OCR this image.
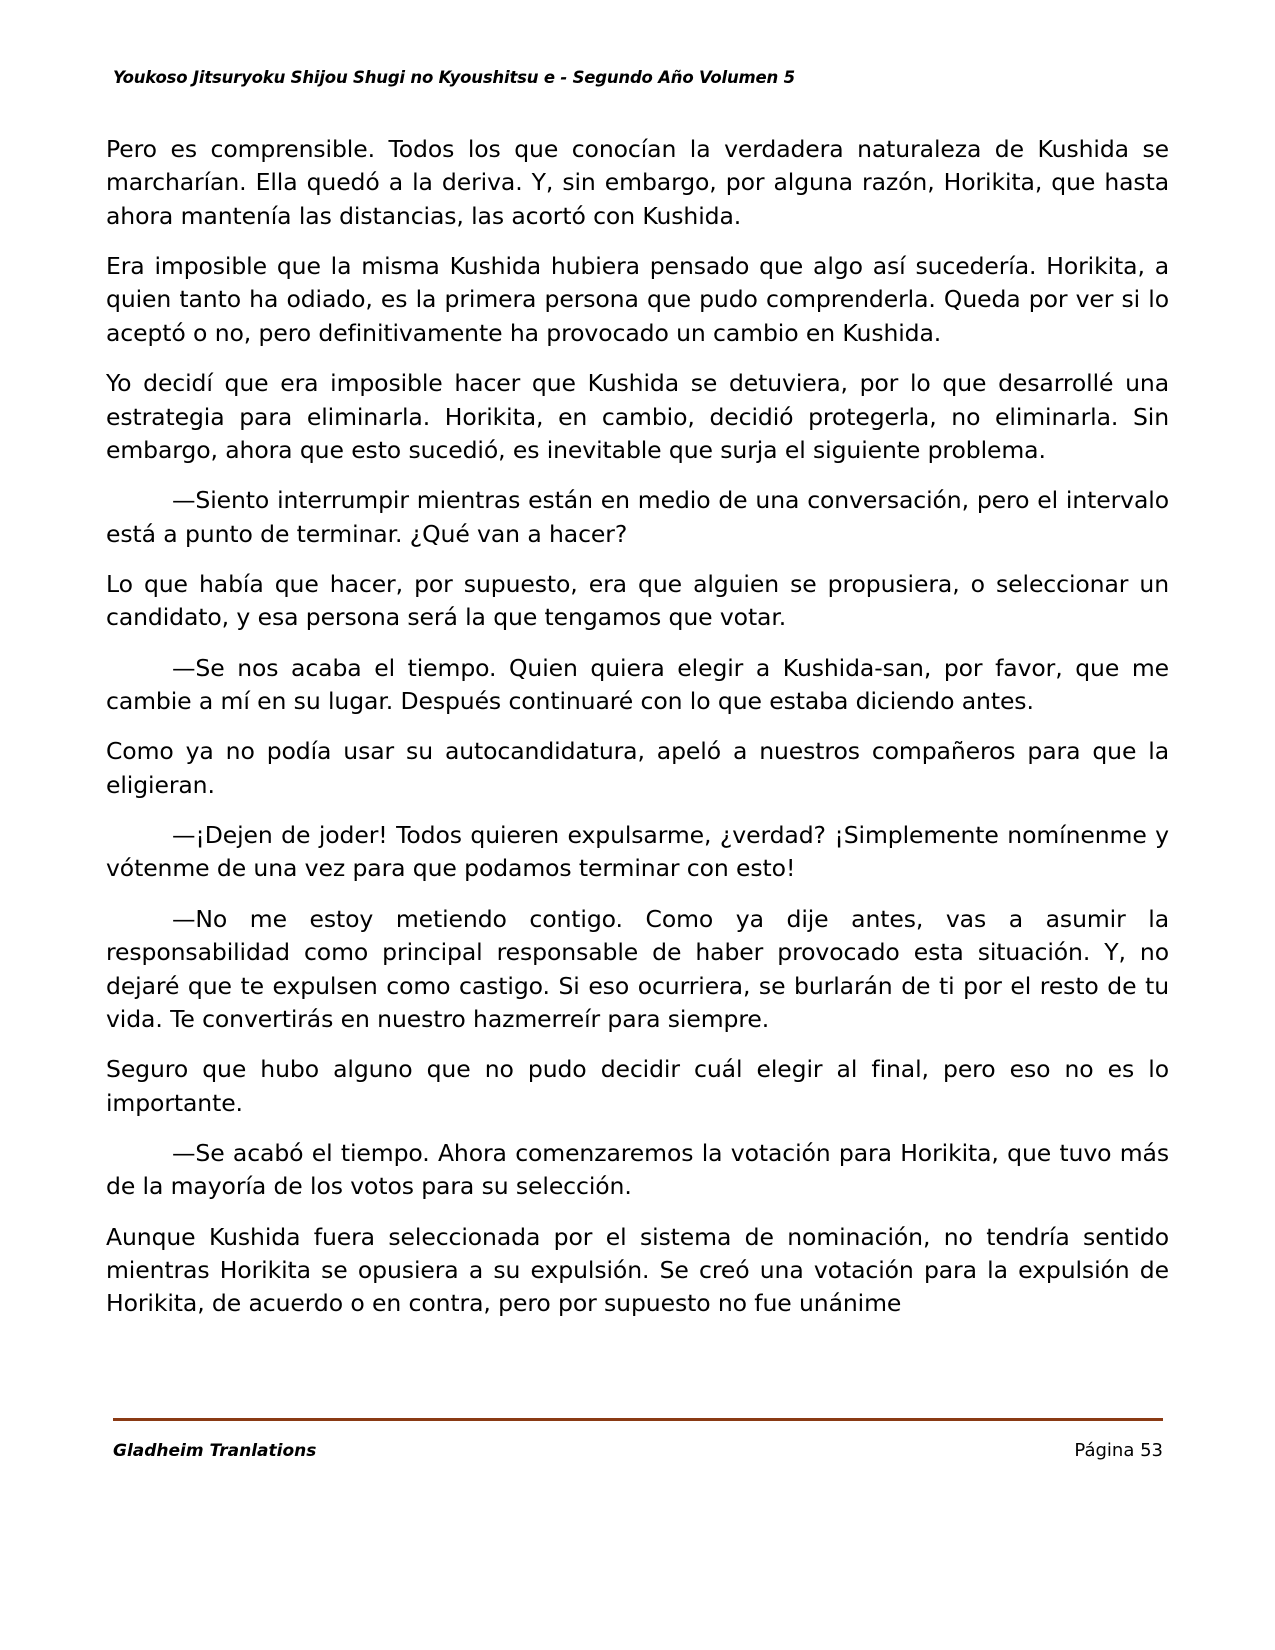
Youkoso Jitsuryoku Shijou Shugi no Kyoushitsu e - Segundo Año Volumen 5

Pero es comprensible. Todos los que conocían la verdadera naturaleza de Kushida se marcharían. Ella quedó a la deriva. Y, sin embargo, por alguna razón, Horikita, que hasta ahora mantenía las distancias, las acortó con Kushida.

Era imposible que la misma Kushida hubiera pensado que algo así sucedería. Horikita, a quien tanto ha odiado, es la primera persona que pudo comprenderla. Queda por ver si lo aceptó o no, pero definitivamente ha provocado un cambio en Kushida.

Yo decidí que era imposible hacer que Kushida se detuviera, por lo que desarrollé una estrategia para eliminarla. Horikita, en cambio, decidió protegerla, no eliminarla. Sin embargo, ahora que esto sucedió, es inevitable que surja el siguiente problema.

—Siento interrumpir mientras están en medio de una conversación, pero el intervalo está a punto de terminar. ¿Qué van a hacer?

Lo que había que hacer, por supuesto, era que alguien se propusiera, o seleccionar un candidato, y esa persona será la que tengamos que votar.

—Se nos acaba el tiempo. Quien quiera elegir a Kushida-san, por favor, que me cambie a mí en su lugar. Después continuaré con lo que estaba diciendo antes.

Como ya no podía usar su autocandidatura, apeló a nuestros compañeros para que la eligieran.

—¡Dejen de joder! Todos quieren expulsarme, ¿verdad? ¡Simplemente nomínenme y vótenme de una vez para que podamos terminar con esto!

—No me estoy metiendo contigo. Como ya dije antes, vas a asumir la responsabilidad como principal responsable de haber provocado esta situación. Y, no dejaré que te expulsen como castigo. Si eso ocurriera, se burlarán de ti por el resto de tu vida. Te convertirás en nuestro hazmerreír para siempre.

Seguro que hubo alguno que no pudo decidir cuál elegir al final, pero eso no es lo importante.

—Se acabó el tiempo. Ahora comenzaremos la votación para Horikita, que tuvo más de la mayoría de los votos para su selección.

Aunque Kushida fuera seleccionada por el sistema de nominación, no tendría sentido mientras Horikita se opusiera a su expulsión. Se creó una votación para la expulsión de Horikita, de acuerdo o en contra, pero por supuesto no fue unánime

Gladheim Tranlations	Página 53
